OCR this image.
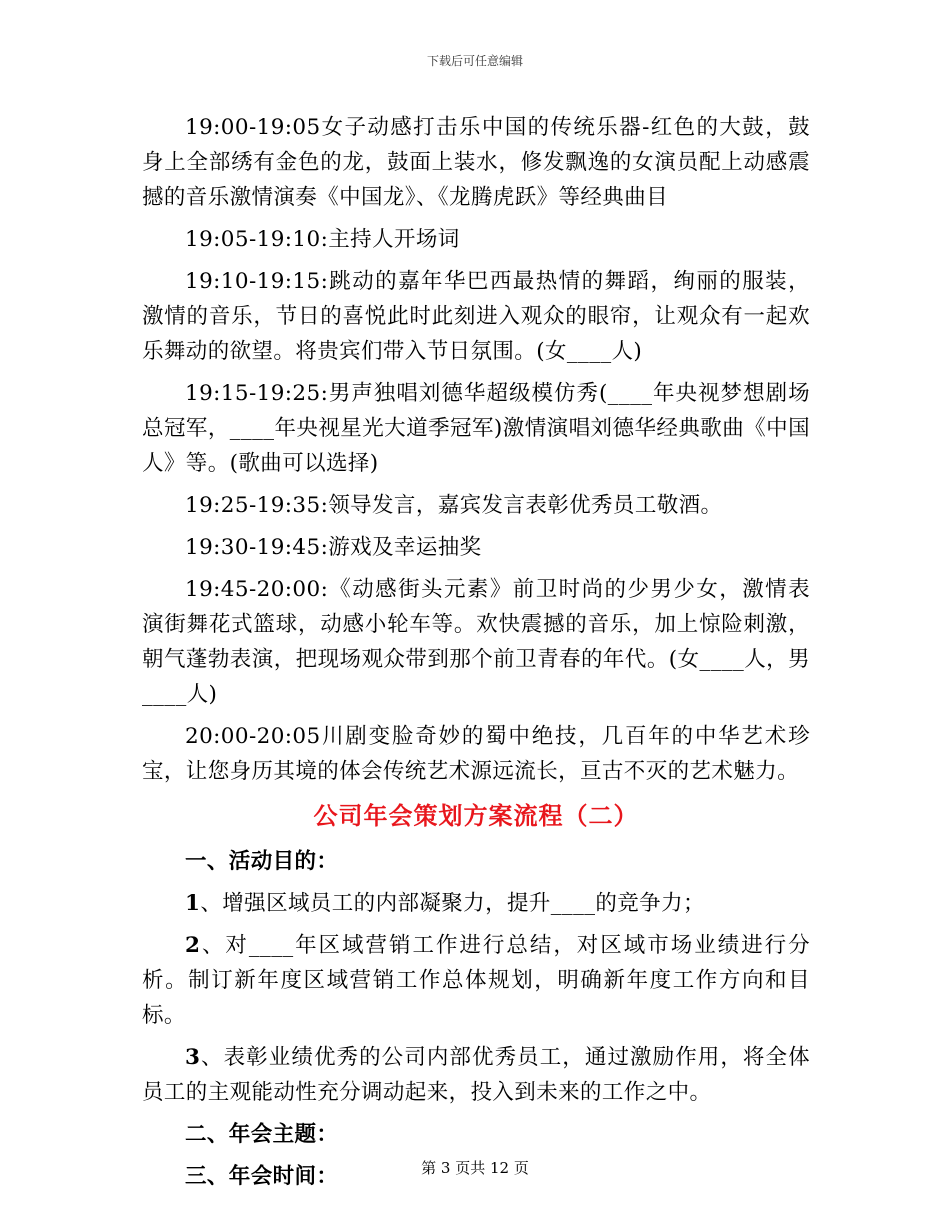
下载后可任意编辑

19:00-19:05女子动感打击乐中国的传统乐器-红色的大鼓，鼓身上全部绣有金色的龙，鼓面上装水，修发飘逸的女演员配上动感震撼的音乐激情演奏《中国龙》、《龙腾虎跃》等经典曲目

19:05-19:10:主持人开场词

19:10-19:15:跳动的嘉年华巴西最热情的舞蹈，绚丽的服装，激情的音乐，节日的喜悦此时此刻进入观众的眼帘，让观众有一起欢乐舞动的欲望。将贵宾们带入节日氛围。(女____人)

19:15-19:25:男声独唱刘德华超级模仿秀(____年央视梦想剧场总冠军，____年央视星光大道季冠军)激情演唱刘德华经典歌曲《中国人》等。(歌曲可以选择)

19:25-19:35:领导发言，嘉宾发言表彰优秀员工敬酒。

19:30-19:45:游戏及幸运抽奖

19:45-20:00:《动感街头元素》前卫时尚的少男少女，激情表演街舞花式篮球，动感小轮车等。欢快震撼的音乐，加上惊险刺激，朝气蓬勃表演，把现场观众带到那个前卫青春的年代。(女____人，男____人)

20:00-20:05川剧变脸奇妙的蜀中绝技，几百年的中华艺术珍宝，让您身历其境的体会传统艺术源远流长，亘古不灭的艺术魅力。

公司年会策划方案流程（二）

一、活动目的：

1、增强区域员工的内部凝聚力，提升____的竞争力；

2、对____年区域营销工作进行总结，对区域市场业绩进行分析。制订新年度区域营销工作总体规划，明确新年度工作方向和目标。

3、表彰业绩优秀的公司内部优秀员工，通过激励作用，将全体员工的主观能动性充分调动起来，投入到未来的工作之中。

二、年会主题：

三、年会时间：	第 3 页共 12 页
